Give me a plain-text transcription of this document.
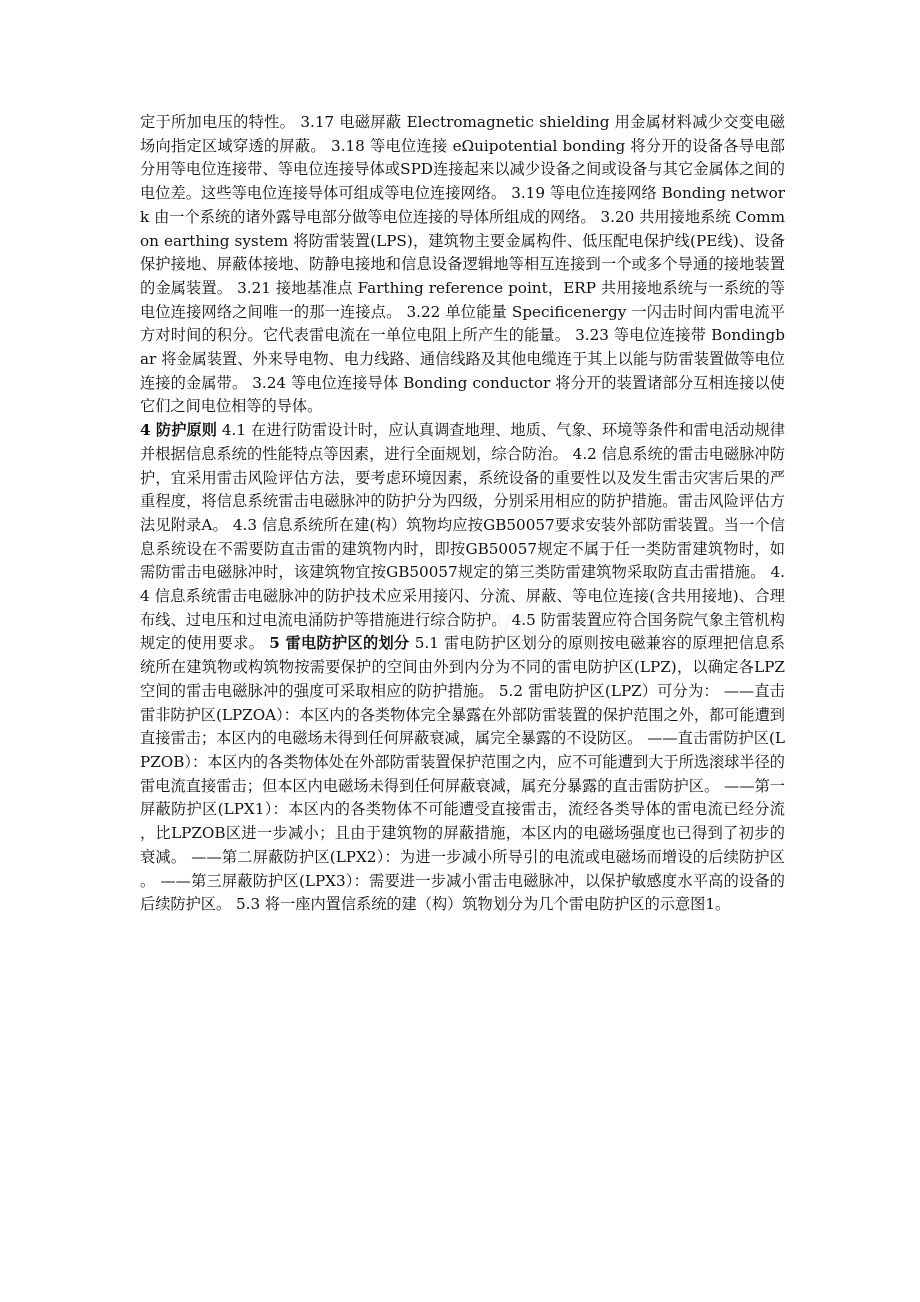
定于所加电压的特性。 3.17 电磁屏蔽 Electromagnetic shielding 用金属材料减少交变电磁场向指定区域穿透的屏蔽。 3.18 等电位连接 eΩuipotential bonding 将分开的设备各导电部分用等电位连接带、等电位连接导体或SPD连接起来以减少设备之间或设备与其它金属体之间的电位差。这些等电位连接导体可组成等电位连接网络。 3.19 等电位连接网络 Bonding network 由一个系统的诸外露导电部分做等电位连接的导体所组成的网络。 3.20 共用接地系统 Common earthing system 将防雷装置(LPS)，建筑物主要金属构件、低压配电保护线(PE线)、设备保护接地、屏蔽体接地、防静电接地和信息设备逻辑地等相互连接到一个或多个导通的接地装置的金属装置。 3.21 接地基准点 Farthing reference point，ERP 共用接地系统与一系统的等电位连接网络之间唯一的那一连接点。 3.22 单位能量 Specificenergy 一闪击时间内雷电流平方对时间的积分。它代表雷电流在一单位电阻上所产生的能量。 3.23 等电位连接带 Bondingbar 将金属装置、外来导电物、电力线路、通信线路及其他电缆连于其上以能与防雷装置做等电位连接的金属带。 3.24 等电位连接导体 Bonding conductor 将分开的装置诸部分互相连接以使它们之间电位相等的导体。
4 防护原则 4.1 在进行防雷设计时，应认真调查地理、地质、气象、环境等条件和雷电活动规律并根据信息系统的性能特点等因素，进行全面规划，综合防治。 4.2 信息系统的雷击电磁脉冲防护，宜采用雷击风险评估方法，要考虑环境因素，系统设备的重要性以及发生雷击灾害后果的严重程度，将信息系统雷击电磁脉冲的防护分为四级，分别采用相应的防护措施。雷击风险评估方法见附录A。 4.3 信息系统所在建(构）筑物均应按GB50057要求安装外部防雷装置。当一个信息系统设在不需要防直击雷的建筑物内时，即按GB50057规定不属于任一类防雷建筑物时，如需防雷击电磁脉冲时，该建筑物宜按GB50057规定的第三类防雷建筑物采取防直击雷措施。 4.4 信息系统雷击电磁脉冲的防护技术应采用接闪、分流、屏蔽、等电位连接(含共用接地)、合理布线、过电压和过电流电涌防护等措施进行综合防护。 4.5 防雷装置应符合国务院气象主管机构规定的使用要求。 5 雷电防护区的划分 5.1 雷电防护区划分的原则按电磁兼容的原理把信息系统所在建筑物或构筑物按需要保护的空间由外到内分为不同的雷电防护区(LPZ)，以确定各LPZ空间的雷击电磁脉冲的强度可采取相应的防护措施。 5.2 雷电防护区(LPZ）可分为： ——直击雷非防护区(LPZOA）：本区内的各类物体完全暴露在外部防雷装置的保护范围之外，都可能遭到直接雷击；本区内的电磁场未得到任何屏蔽衰减，属完全暴露的不设防区。 ——直击雷防护区(LPZOB）：本区内的各类物体处在外部防雷装置保护范围之内，应不可能遭到大于所选滚球半径的雷电流直接雷击；但本区内电磁场未得到任何屏蔽衰减，属充分暴露的直击雷防护区。 ——第一屏蔽防护区(LPX1）：本区内的各类物体不可能遭受直接雷击，流经各类导体的雷电流已经分流，比LPZOB区进一步减小；且由于建筑物的屏蔽措施，本区内的电磁场强度也已得到了初步的衰减。 ——第二屏蔽防护区(LPX2）：为进一步减小所导引的电流或电磁场而增设的后续防护区。 ——第三屏蔽防护区(LPX3）：需要进一步减小雷击电磁脉冲，以保护敏感度水平高的设备的后续防护区。 5.3 将一座内置信系统的建（构）筑物划分为几个雷电防护区的示意图1。
